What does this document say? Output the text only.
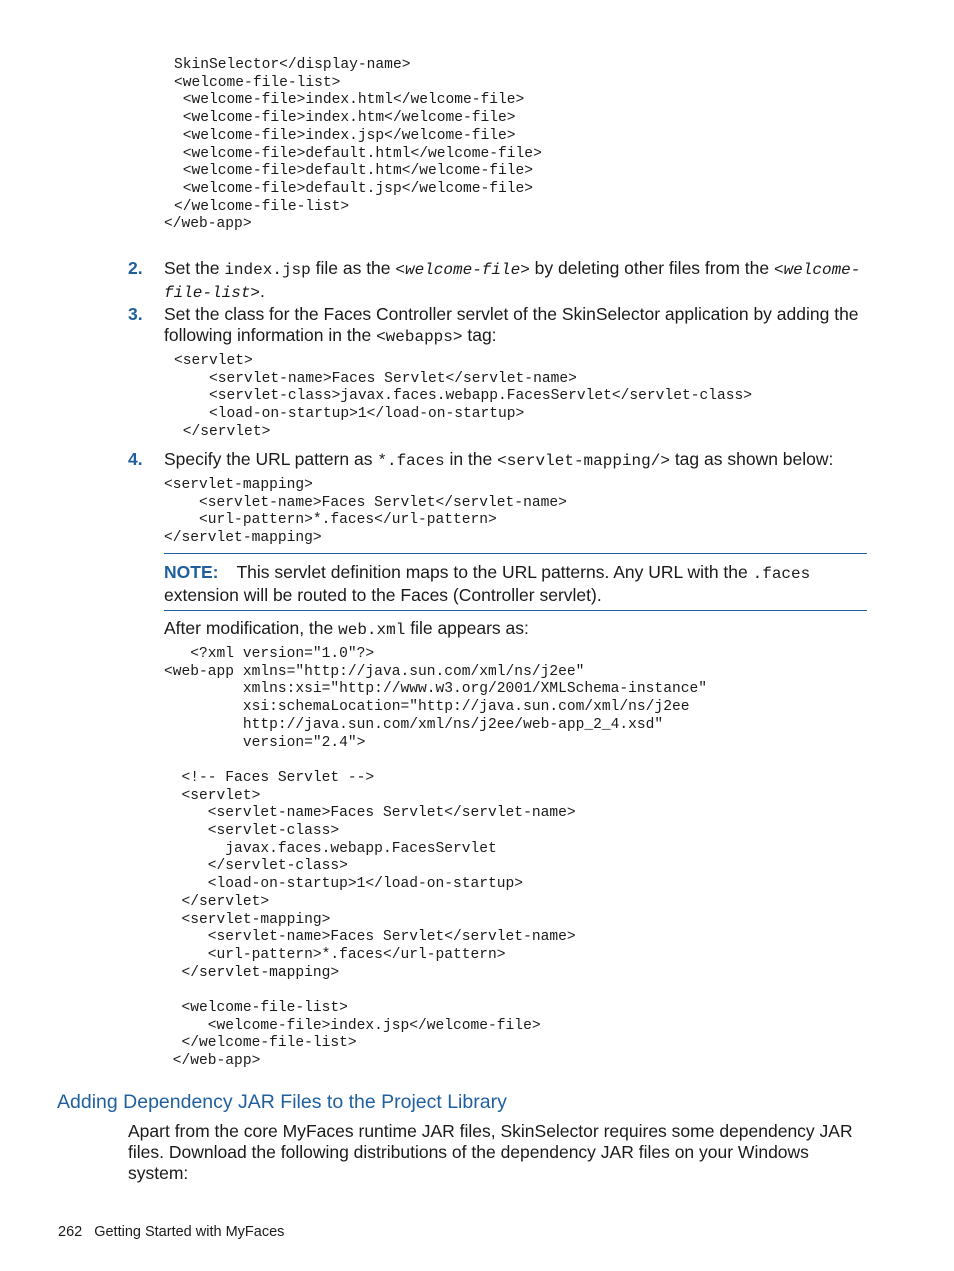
SkinSelector</display-name>
<welcome-file-list>
<welcome-file>index.html</welcome-file>
<welcome-file>index.htm</welcome-file>
<welcome-file>index.jsp</welcome-file>
<welcome-file>default.html</welcome-file>
<welcome-file>default.htm</welcome-file>
<welcome-file>default.jsp</welcome-file>
</welcome-file-list>
</web-app>
2. Set the index.jsp file as the <welcome-file> by deleting other files from the <welcome-file-list>.
3. Set the class for the Faces Controller servlet of the SkinSelector application by adding the following information in the <webapps> tag:
<servlet>
<servlet-name>Faces Servlet</servlet-name>
<servlet-class>javax.faces.webapp.FacesServlet</servlet-class>
<load-on-startup>1</load-on-startup>
</servlet>
4. Specify the URL pattern as *.faces in the <servlet-mapping/> tag as shown below:
<servlet-mapping>
<servlet-name>Faces Servlet</servlet-name>
<url-pattern>*.faces</url-pattern>
</servlet-mapping>
NOTE: This servlet definition maps to the URL patterns. Any URL with the .faces extension will be routed to the Faces (Controller servlet).
After modification, the web.xml file appears as:
<?xml version="1.0"?>
<web-app xmlns="http://java.sun.com/xml/ns/j2ee"
xmlns:xsi="http://www.w3.org/2001/XMLSchema-instance"
xsi:schemaLocation="http://java.sun.com/xml/ns/j2ee
http://java.sun.com/xml/ns/j2ee/web-app_2_4.xsd"
version="2.4">

<!-- Faces Servlet -->
<servlet>
<servlet-name>Faces Servlet</servlet-name>
<servlet-class>
javax.faces.webapp.FacesServlet
</servlet-class>
<load-on-startup>1</load-on-startup>
</servlet>
<servlet-mapping>
<servlet-name>Faces Servlet</servlet-name>
<url-pattern>*.faces</url-pattern>
</servlet-mapping>

<welcome-file-list>
<welcome-file>index.jsp</welcome-file>
</welcome-file-list>
</web-app>
Adding Dependency JAR Files to the Project Library
Apart from the core MyFaces runtime JAR files, SkinSelector requires some dependency JAR files. Download the following distributions of the dependency JAR files on your Windows system:
262 Getting Started with MyFaces
